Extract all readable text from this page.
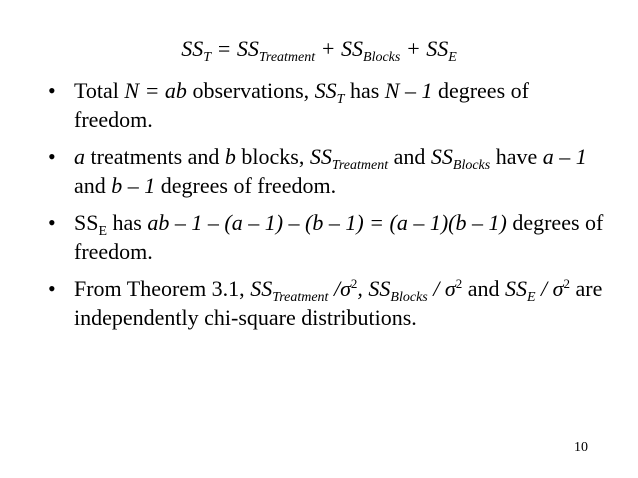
$SS_T = SS_{Treatment} + SS_{Blocks} + SS_E$
• Total N = ab observations, $SS_T$ has N – 1 degrees of freedom.
• a treatments and b blocks, $SS_{Treatment}$ and $SS_{Blocks}$ have a – 1 and b – 1 degrees of freedom.
• $SS_E$ has ab – 1 – (a – 1) – (b – 1) = (a – 1)(b – 1) degrees of freedom.
• From Theorem 3.1, $SS_{Treatment}$ $/\sigma^2$, $SS_{Blocks} / \sigma^2$ and $SS_E / \sigma^2$ are independently chi-square distributions.
10
